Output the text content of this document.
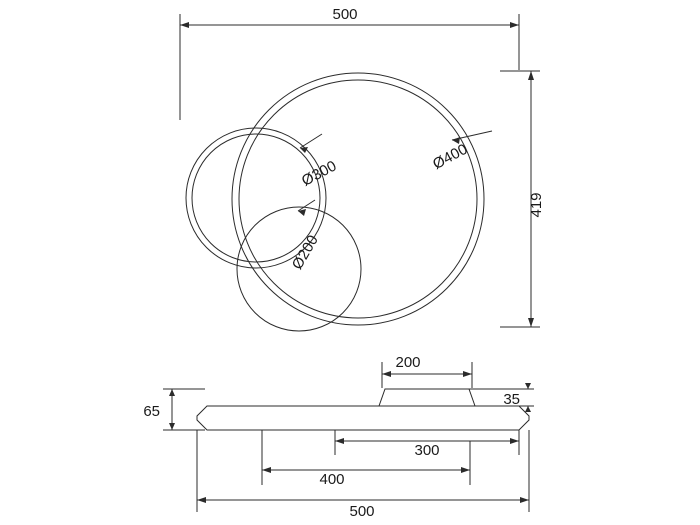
Ø400
Ø300
Ø200
200
35
65
300
400
500
500
419
